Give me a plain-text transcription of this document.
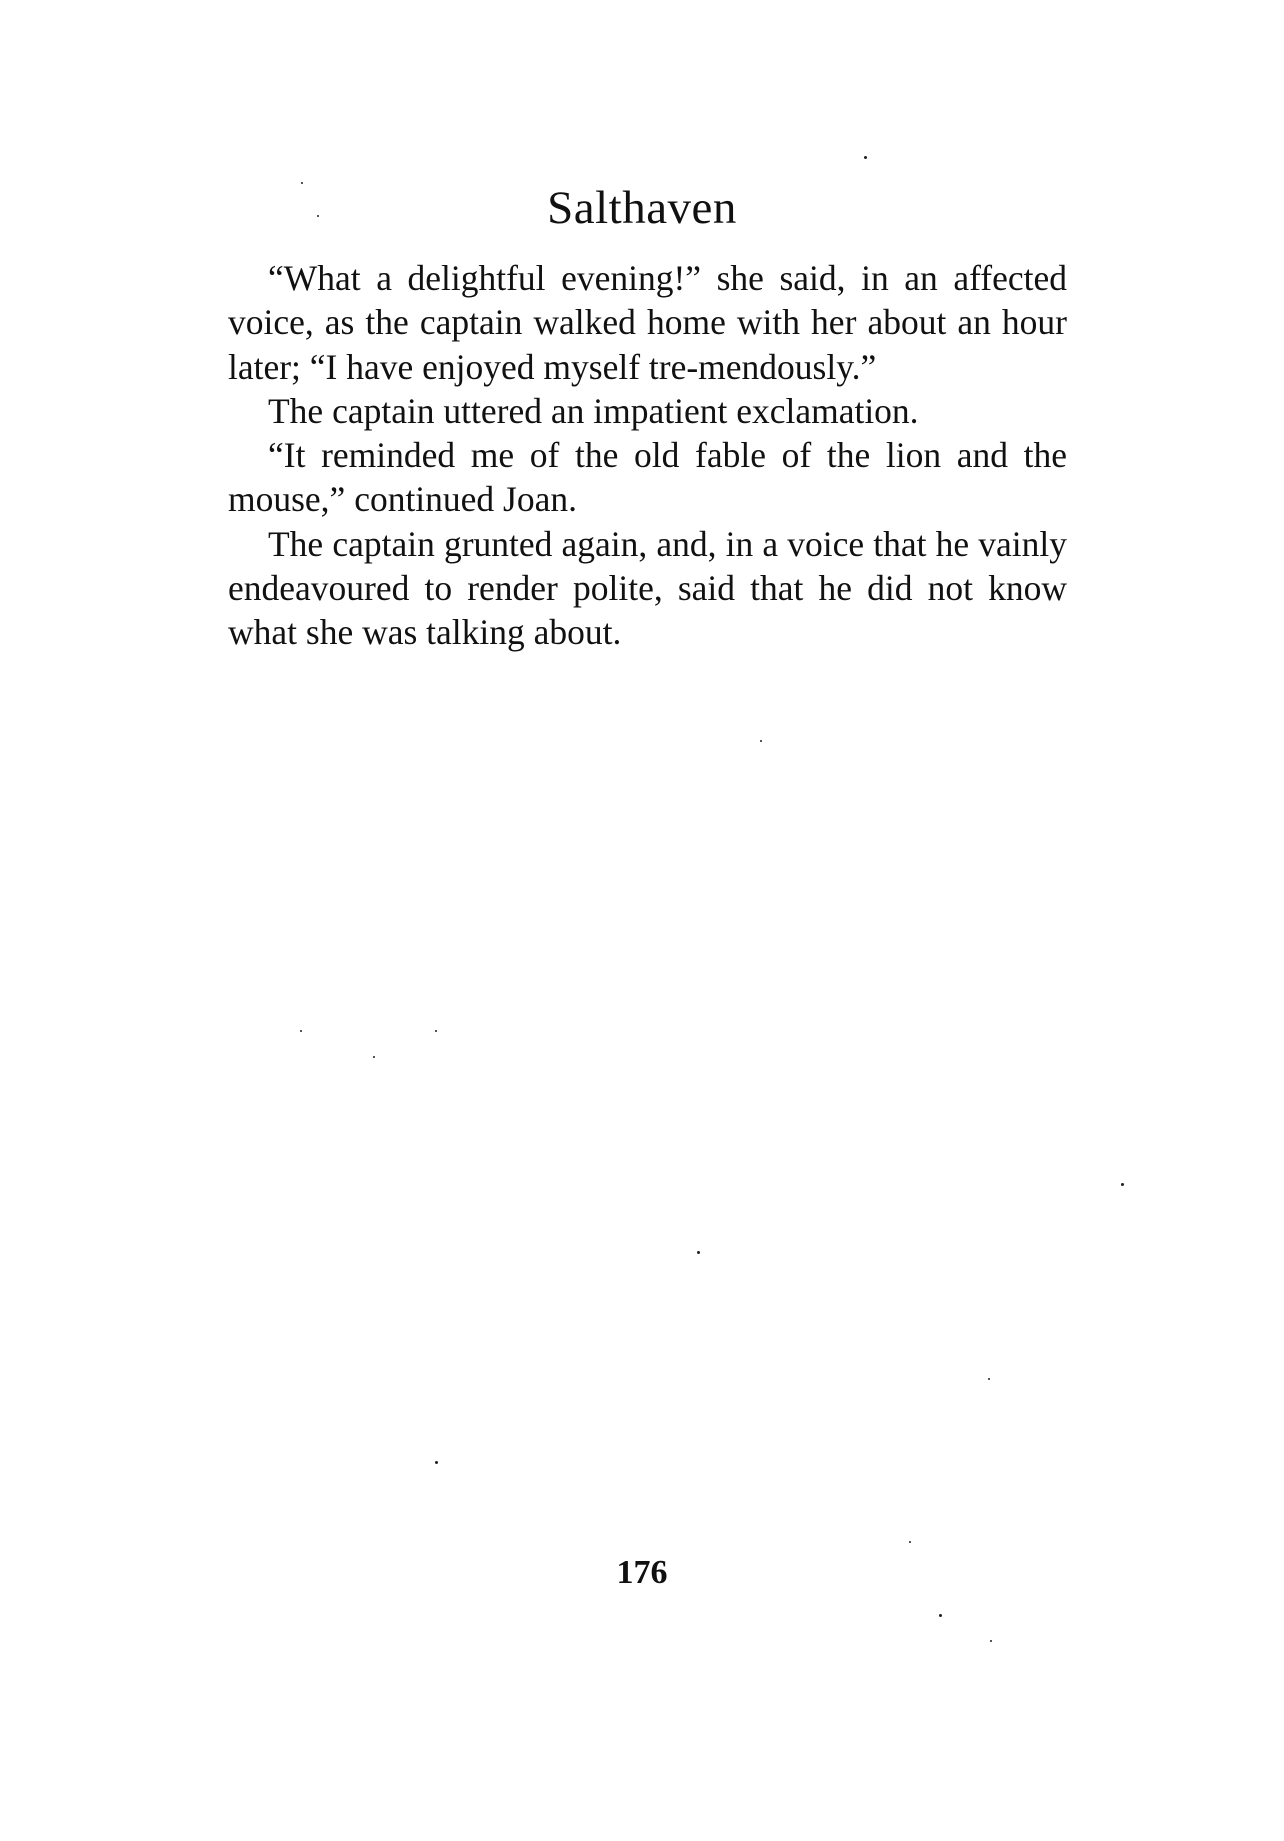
Salthaven

“What a delightful evening!” she said, in an affected voice, as the captain walked home with her about an hour later; “I have enjoyed myself tre-mendously.”

The captain uttered an impatient exclamation.

“It reminded me of the old fable of the lion and the mouse,” continued Joan.

The captain grunted again, and, in a voice that he vainly endeavoured to render polite, said that he did not know what she was talking about.

176
